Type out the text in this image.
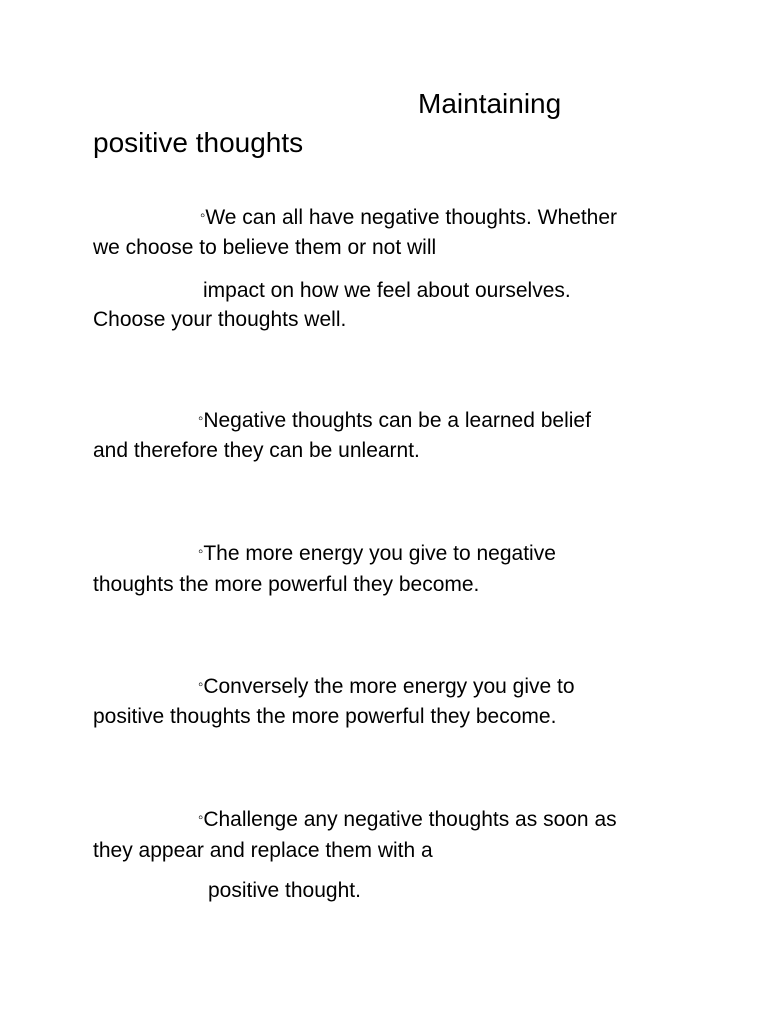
Maintaining
positive thoughts
◦We can all have negative thoughts. Whether
we choose to believe them or not will
impact on how we feel about ourselves.
Choose your thoughts well.
◦Negative thoughts can be a learned belief
and therefore they can be unlearnt.
◦The more energy you give to negative
thoughts the more powerful they become.
◦Conversely the more energy you give to
positive thoughts the more powerful they become.
◦Challenge any negative thoughts as soon as
they appear and replace them with a
positive thought.
